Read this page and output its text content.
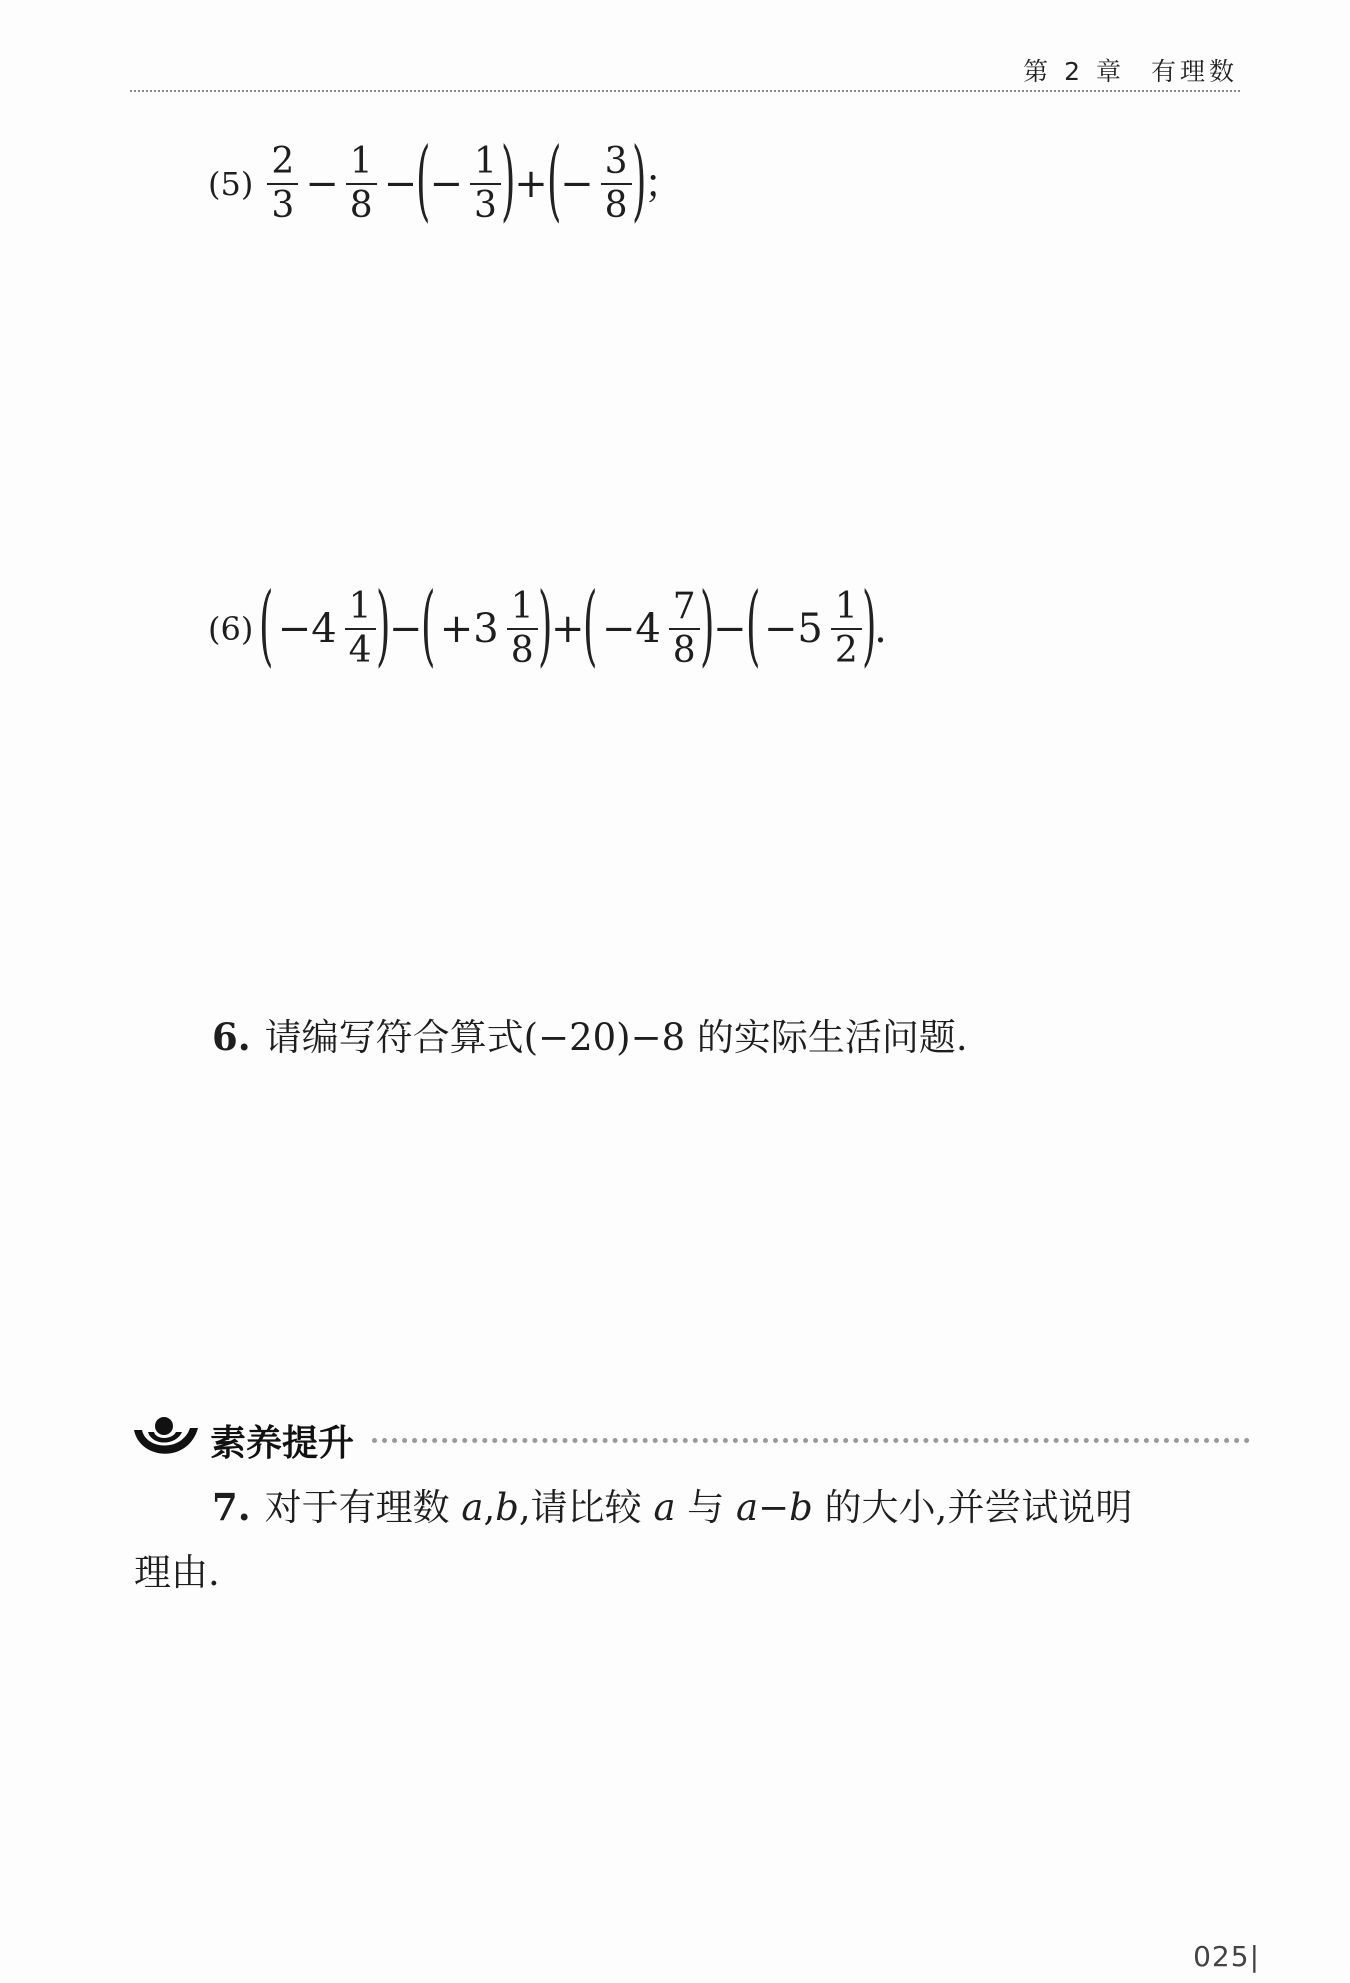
第 2 章 有理数
$(5) \frac{2}{3} - \frac{1}{8}$ −
(
− $\frac{1}{3}$ )
+
(
− $\frac{3}{8}$ )
；
(6) ( $-4 \frac{1}{4}$ )
−
( $+3 \frac{1}{8}$ )
+
( $-4 \frac{7}{8}$ )
−
( $-5 \frac{1}{2}$ )
.
6. 请编写符合算式(−20)−8 的实际生活问题.
素养提升
7. 对于有理数 a,b,请比较 a 与 a−b 的大小,并尝试说明
理由.
025|
